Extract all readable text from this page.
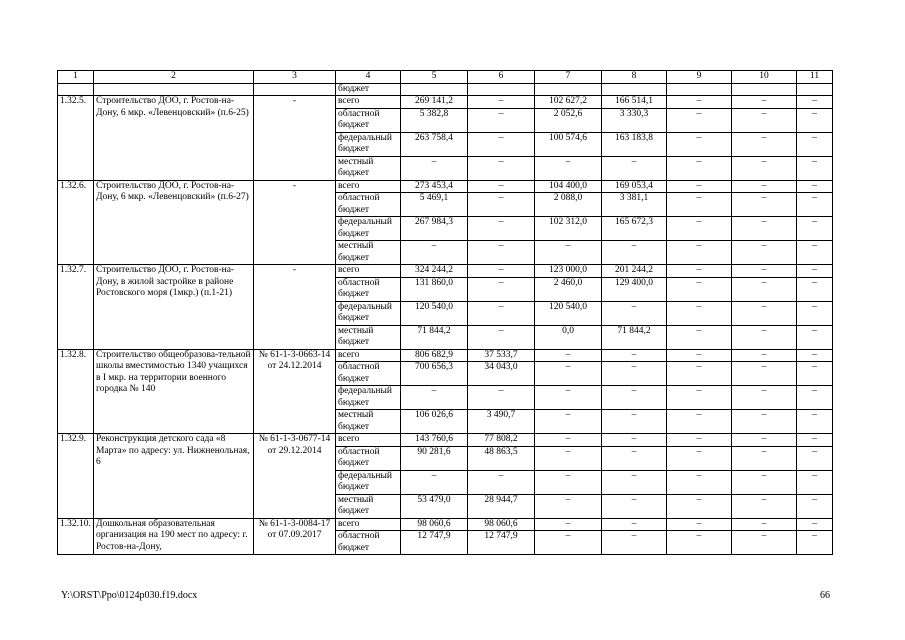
1	2	3	4	5	6	7	8	9	10	11
			бюджет							
1.32.5.	Строительство ДОО, г. Ростов-на-Дону, 6 мкр. «Левенцовский» (п.6-25)	-	всего	269 141,2	–	102 627,2	166 514,1	–	–	–
			областной бюджет	5 382,8	–	2 052,6	3 330,3	–	–	–
			федеральный бюджет	263 758,4	–	100 574,6	163 183,8	–	–	–
			местный бюджет	–	–	–	–	–	–	–
1.32.6.	Строительство ДОО, г. Ростов-на-Дону, 6 мкр. «Левенцовский» (п.6-27)	-	всего	273 453,4	–	104 400,0	169 053,4	–	–	–
			областной бюджет	5 469,1	–	2 088,0	3 381,1	–	–	–
			федеральный бюджет	267 984,3	–	102 312,0	165 672,3	–	–	–
			местный бюджет	–	–	–	–	–	–	–
1.32.7.	Строительство ДОО, г. Ростов-на-Дону, в жилой застройке в районе Ростовского моря (1мкр.) (п.1-21)	-	всего	324 244,2	–	123 000,0	201 244,2	–	–	–
			областной бюджет	131 860,0	–	2 460,0	129 400,0	–	–	–
			федеральный бюджет	120 540,0	–	120 540,0	–	–	–	–
			местный бюджет	71 844,2	–	0,0	71 844,2	–	–	–
1.32.8.	Строительство общеобразова-тельной школы вместимостью 1340 учащихся в I мкр. на территории военного городка № 140	№ 61-1-3-0663-14 от 24.12.2014	всего	806 682,9	37 533,7	–	–	–	–	–
			областной бюджет	700 656,3	34 043,0	–	–	–	–	–
			федеральный бюджет	–	–	–	–	–	–	–
			местный бюджет	106 026,6	3 490,7	–	–	–	–	–
1.32.9.	Реконструкция детского сада «8 Марта» по адресу: ул. Нижненольная, 6	№ 61-1-3-0677-14 от 29.12.2014	всего	143 760,6	77 808,2	–	–	–	–	–
			областной бюджет	90 281,6	48 863,5	–	–	–	–	–
			федеральный бюджет	–	–	–	–	–	–	–
			местный бюджет	53 479,0	28 944,7	–	–	–	–	–
1.32.10.	Дошкольная образовательная организация на 190 мест по адресу: г. Ростов-на-Дону,	№ 61-1-3-0084-17 от 07.09.2017	всего	98 060,6	98 060,6	–	–	–	–	–
			областной бюджет	12 747,9	12 747,9	–	–	–	–	–
Y:\ORST\Ppo\0124p030.f19.docx	66
